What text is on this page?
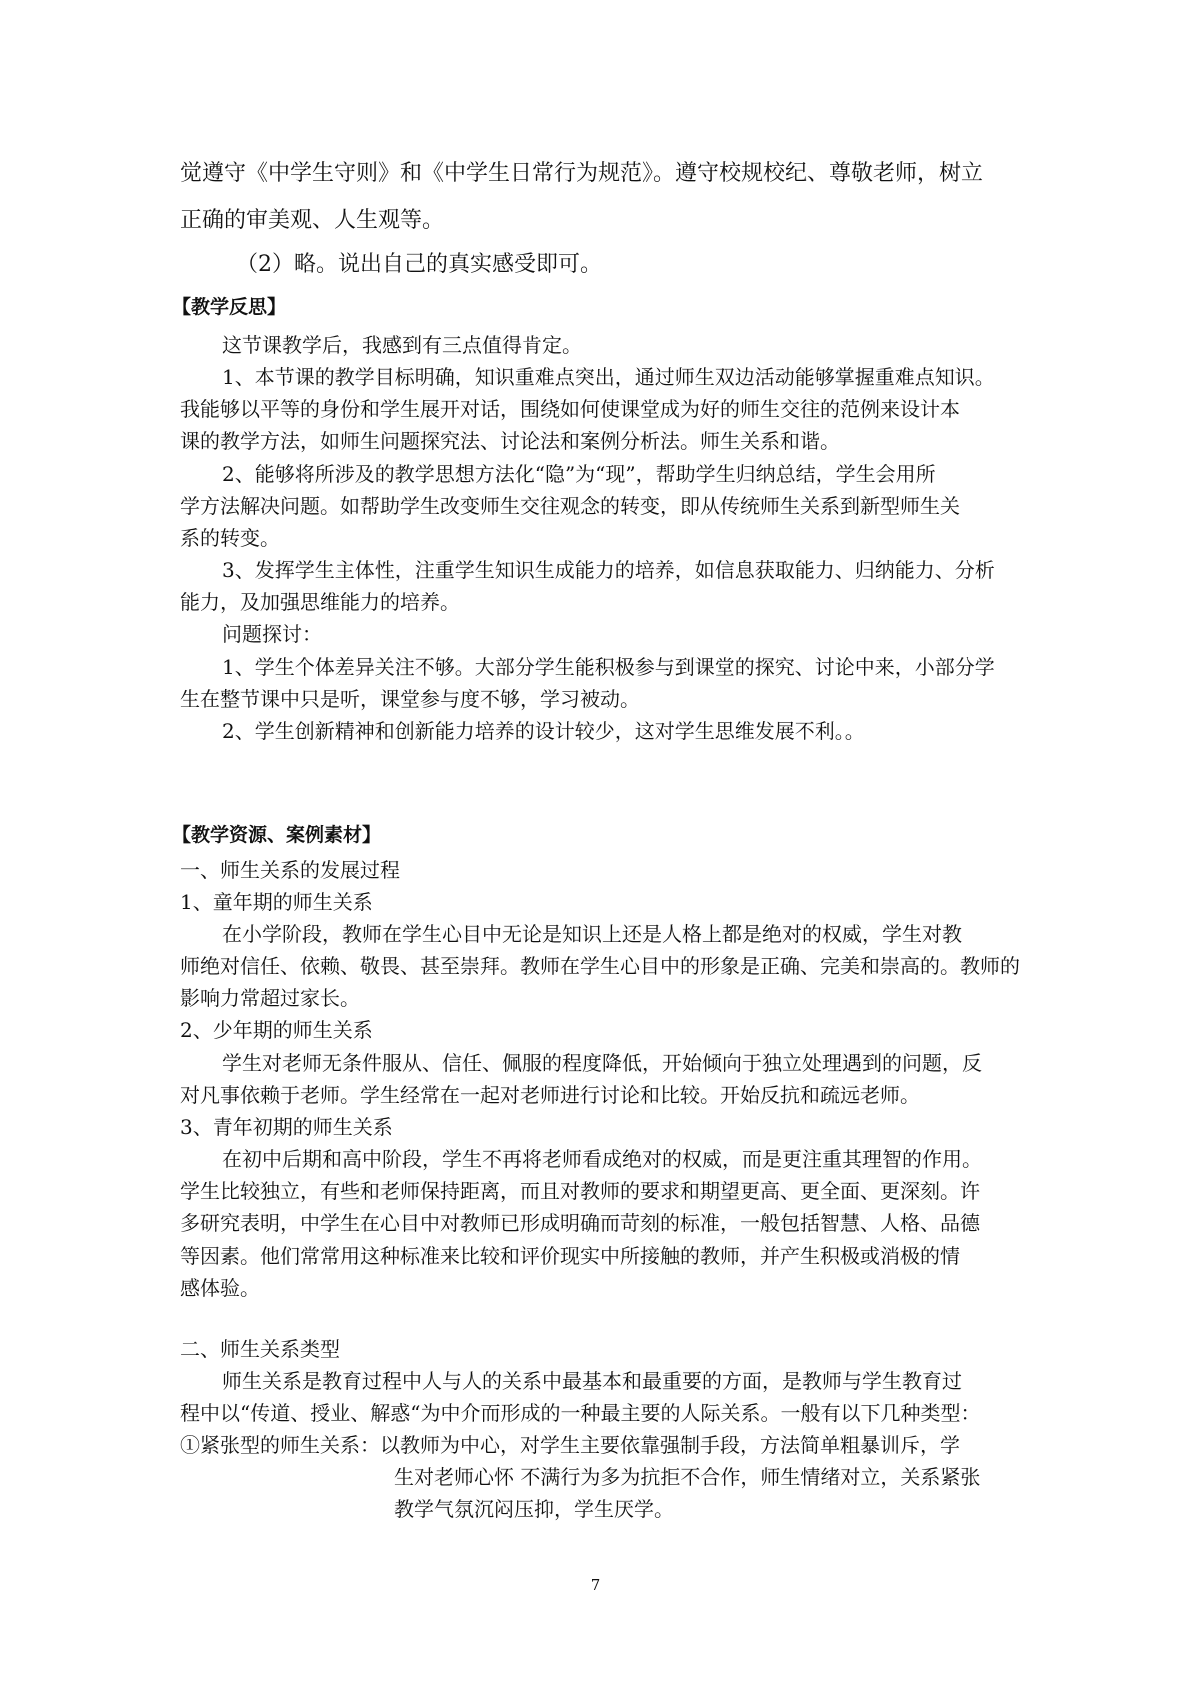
觉遵守《中学生守则》和《中学生日常行为规范》。遵守校规校纪、尊敬老师，树立
正确的审美观、人生观等。
（2）略。说出自己的真实感受即可。
【教学反思】
这节课教学后，我感到有三点值得肯定。
1、本节课的教学目标明确，知识重难点突出，通过师生双边活动能够掌握重难点知识。
我能够以平等的身份和学生展开对话，围绕如何使课堂成为好的师生交往的范例来设计本
课的教学方法，如师生问题探究法、讨论法和案例分析法。师生关系和谐。
2、能够将所涉及的教学思想方法化“隐”为“现”，帮助学生归纳总结，学生会用所
学方法解决问题。如帮助学生改变师生交往观念的转变，即从传统师生关系到新型师生关
系的转变。
3、发挥学生主体性，注重学生知识生成能力的培养，如信息获取能力、归纳能力、分析
能力，及加强思维能力的培养。
问题探讨：
1、学生个体差异关注不够。大部分学生能积极参与到课堂的探究、讨论中来，小部分学
生在整节课中只是听，课堂参与度不够，学习被动。
2、学生创新精神和创新能力培养的设计较少，这对学生思维发展不利。。
【教学资源、案例素材】
一、师生关系的发展过程
1、童年期的师生关系
在小学阶段，教师在学生心目中无论是知识上还是人格上都是绝对的权威，学生对教
师绝对信任、依赖、敬畏、甚至崇拜。教师在学生心目中的形象是正确、完美和崇高的。教师的
影响力常超过家长。
2、少年期的师生关系
学生对老师无条件服从、信任、佩服的程度降低，开始倾向于独立处理遇到的问题，反
对凡事依赖于老师。学生经常在一起对老师进行讨论和比较。开始反抗和疏远老师。
3、青年初期的师生关系
在初中后期和高中阶段，学生不再将老师看成绝对的权威，而是更注重其理智的作用。
学生比较独立，有些和老师保持距离，而且对教师的要求和期望更高、更全面、更深刻。许
多研究表明，中学生在心目中对教师已形成明确而苛刻的标准，一般包括智慧、人格、品德
等因素。他们常常用这种标准来比较和评价现实中所接触的教师，并产生积极或消极的情
感体验。
二、师生关系类型
师生关系是教育过程中人与人的关系中最基本和最重要的方面，是教师与学生教育过
程中以“传道、授业、解惑“为中介而形成的一种最主要的人际关系。一般有以下几种类型：
①紧张型的师生关系：以教师为中心，对学生主要依靠强制手段，方法简单粗暴训斥，学
生对老师心怀 不满行为多为抗拒不合作，师生情绪对立，关系紧张
教学气氛沉闷压抑，学生厌学。
7
